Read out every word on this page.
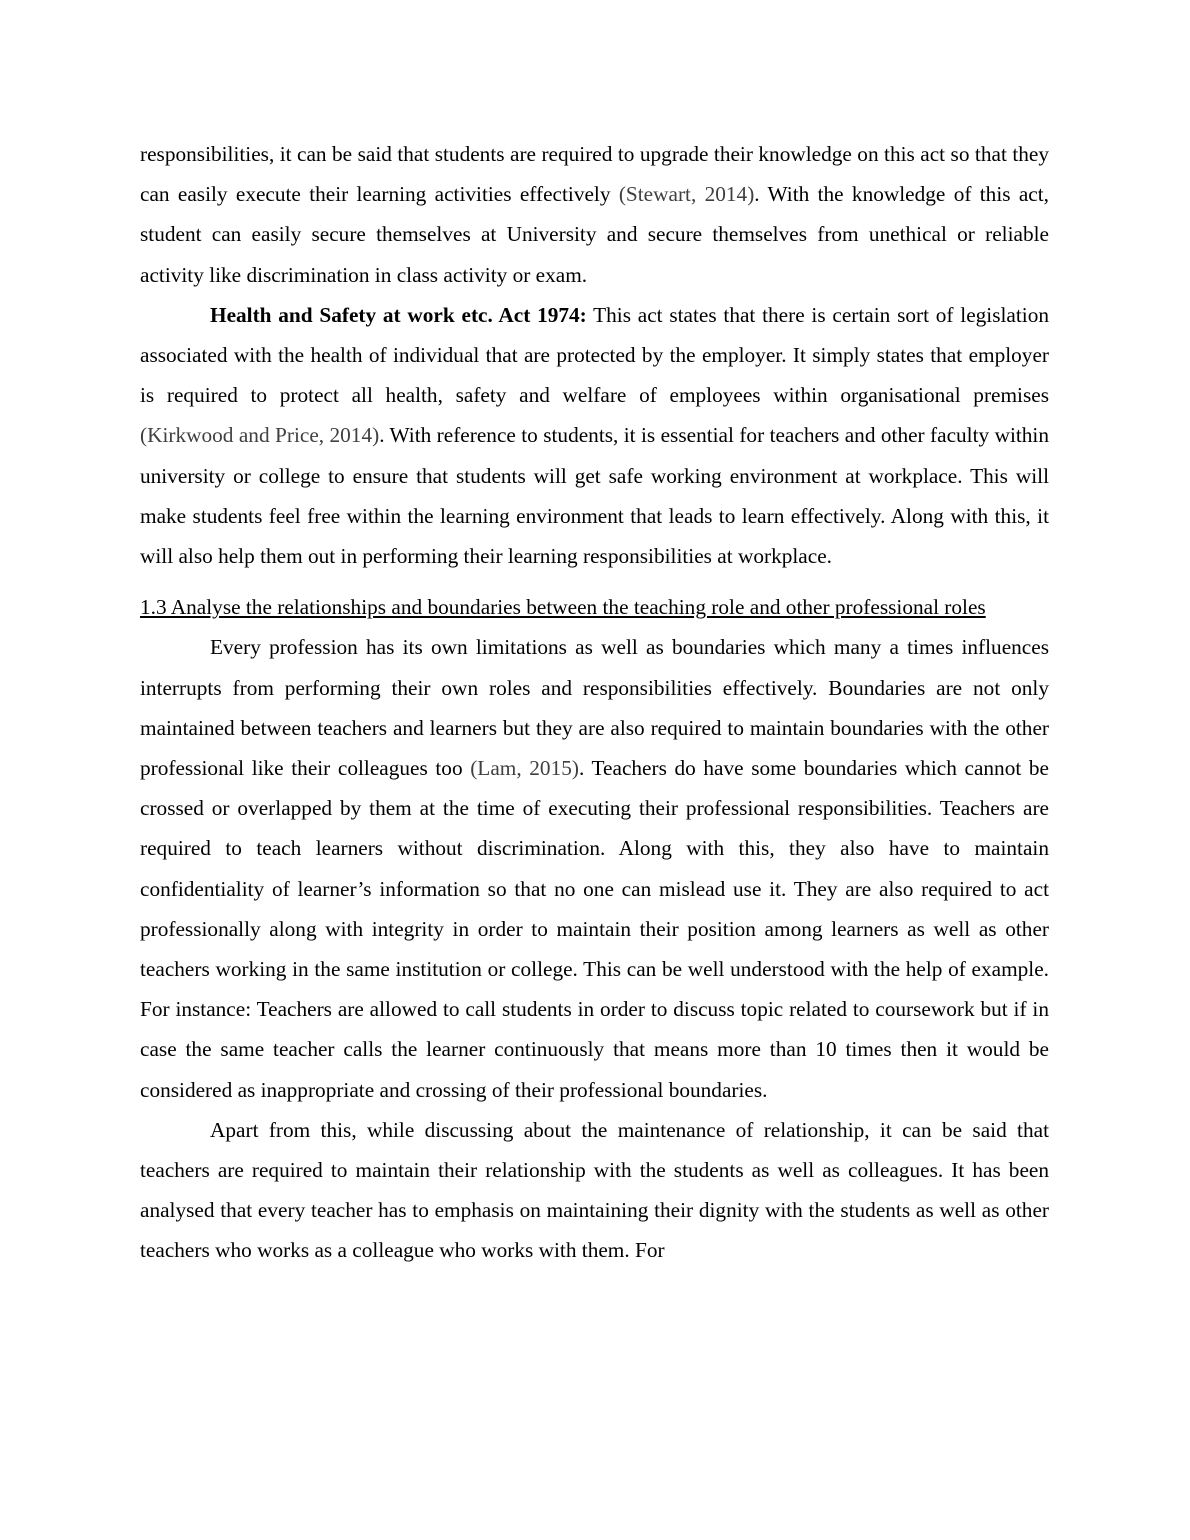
responsibilities, it can be said that students are required to upgrade their knowledge on this act so that they can easily execute their learning activities effectively (Stewart, 2014). With the knowledge of this act, student can easily secure themselves at University and secure themselves from unethical or reliable activity like discrimination in class activity or exam.

Health and Safety at work etc. Act 1974: This act states that there is certain sort of legislation associated with the health of individual that are protected by the employer. It simply states that employer is required to protect all health, safety and welfare of employees within organisational premises (Kirkwood and Price, 2014). With reference to students, it is essential for teachers and other faculty within university or college to ensure that students will get safe working environment at workplace. This will make students feel free within the learning environment that leads to learn effectively. Along with this, it will also help them out in performing their learning responsibilities at workplace.

1.3 Analyse the relationships and boundaries between the teaching role and other professional roles

Every profession has its own limitations as well as boundaries which many a times influences interrupts from performing their own roles and responsibilities effectively. Boundaries are not only maintained between teachers and learners but they are also required to maintain boundaries with the other professional like their colleagues too (Lam, 2015). Teachers do have some boundaries which cannot be crossed or overlapped by them at the time of executing their professional responsibilities. Teachers are required to teach learners without discrimination. Along with this, they also have to maintain confidentiality of learner’s information so that no one can mislead use it. They are also required to act professionally along with integrity in order to maintain their position among learners as well as other teachers working in the same institution or college. This can be well understood with the help of example. For instance: Teachers are allowed to call students in order to discuss topic related to coursework but if in case the same teacher calls the learner continuously that means more than 10 times then it would be considered as inappropriate and crossing of their professional boundaries.

Apart from this, while discussing about the maintenance of relationship, it can be said that teachers are required to maintain their relationship with the students as well as colleagues. It has been analysed that every teacher has to emphasis on maintaining their dignity with the students as well as other teachers who works as a colleague who works with them. For
